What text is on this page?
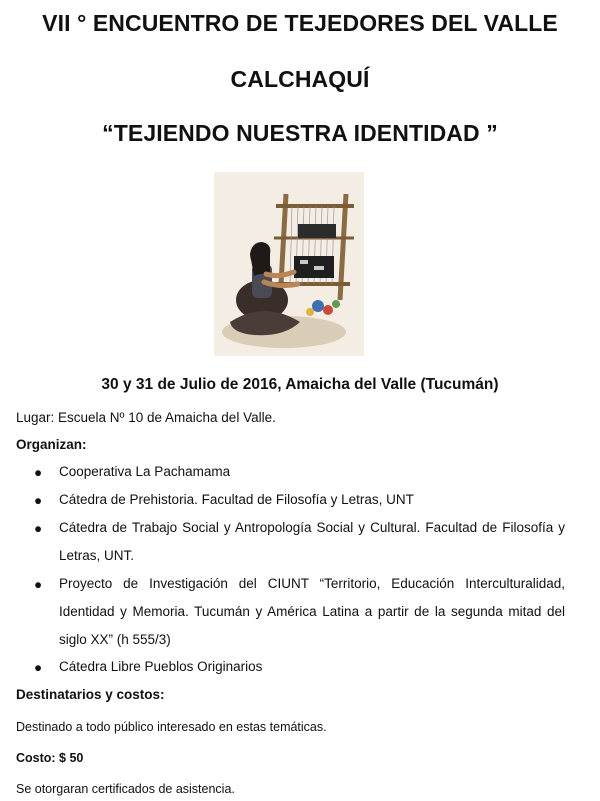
VII ° ENCUENTRO DE TEJEDORES DEL VALLE
CALCHAQUÍ
“TEJIENDO NUESTRA IDENTIDAD ”
30 y 31 de Julio de 2016, Amaicha del Valle (Tucumán)
Lugar: Escuela Nº 10 de Amaicha del Valle.
Organizan:
● Cooperativa La Pachamama
● Cátedra de Prehistoria. Facultad de Filosofía y Letras, UNT
● Cátedra de Trabajo Social y Antropología Social y Cultural. Facultad de Filosofía y Letras, UNT.
● Proyecto de Investigación del CIUNT “Territorio, Educación Interculturalidad, Identidad y Memoria. Tucumán y América Latina a partir de la segunda mitad del siglo XX” (h 555/3)
● Cátedra Libre Pueblos Originarios
Destinatarios y costos:
Destinado a todo público interesado en estas temáticas.
Costo: $ 50
Se otorgaran certificados de asistencia.
